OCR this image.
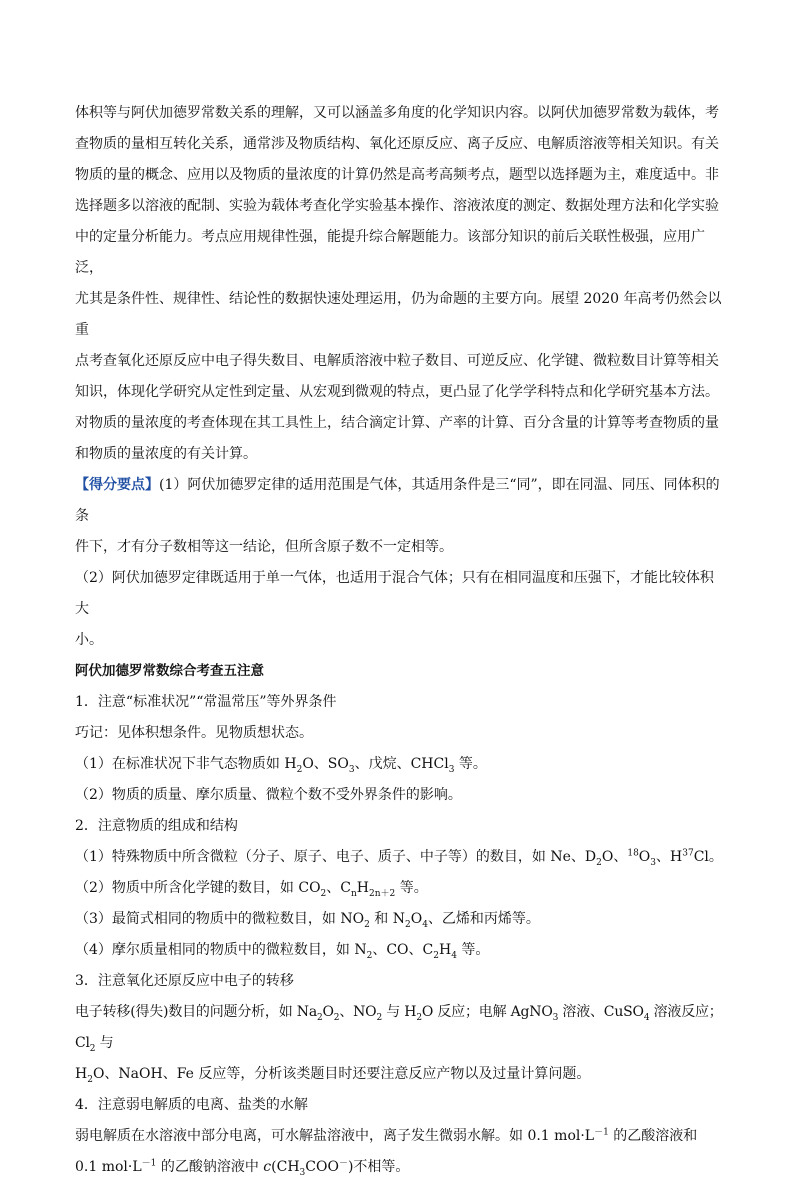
体积等与阿伏加德罗常数关系的理解，又可以涵盖多角度的化学知识内容。以阿伏加德罗常数为载体，考

查物质的量相互转化关系，通常涉及物质结构、氧化还原反应、离子反应、电解质溶液等相关知识。有关

物质的量的概念、应用以及物质的量浓度的计算仍然是高考高频考点，题型以选择题为主，难度适中。非

选择题多以溶液的配制、实验为载体考查化学实验基本操作、溶液浓度的测定、数据处理方法和化学实验

中的定量分析能力。考点应用规律性强，能提升综合解题能力。该部分知识的前后关联性极强，应用广泛，

尤其是条件性、规律性、结论性的数据快速处理运用，仍为命题的主要方向。展望 2020 年高考仍然会以重

点考查氧化还原反应中电子得失数目、电解质溶液中粒子数目、可逆反应、化学键、微粒数目计算等相关

知识，体现化学研究从定性到定量、从宏观到微观的特点，更凸显了化学学科特点和化学研究基本方法。

对物质的量浓度的考查体现在其工具性上，结合滴定计算、产率的计算、百分含量的计算等考查物质的量

和物质的量浓度的有关计算。

【得分要点】(1）阿伏加德罗定律的适用范围是气体，其适用条件是三“同”，即在同温、同压、同体积的条

件下，才有分子数相等这一结论，但所含原子数不一定相等。

（2）阿伏加德罗定律既适用于单一气体，也适用于混合气体；只有在相同温度和压强下，才能比较体积大

小。

阿伏加德罗常数综合考查五注意

1．注意“标准状况”“常温常压”等外界条件

巧记：见体积想条件。见物质想状态。

（1）在标准状况下非气态物质如 $H_2O$、$SO_3$、戊烷、CHCl$_3$ 等。

（2）物质的质量、摩尔质量、微粒个数不受外界条件的影响。

2．注意物质的组成和结构

（1）特殊物质中所含微粒（分子、原子、电子、质子、中子等）的数目，如 Ne、$D_2O$、$^{18}O_3$、$H^{37}Cl$。

（2）物质中所含化学键的数目，如 $CO_2$、$C_nH_{2n+2}$ 等。

（3）最简式相同的物质中的微粒数目，如 $NO_2$ 和 $N_2O_4$、乙烯和丙烯等。

（4）摩尔质量相同的物质中的微粒数目，如 $N_2$、CO、$C_2H_4$ 等。

3．注意氧化还原反应中电子的转移

电子转移(得失)数目的问题分析，如 $Na_2O_2$、$NO_2$ 与 $H_2O$ 反应；电解 AgNO$_3$ 溶液、CuSO$_4$ 溶液反应；$Cl_2$ 与

$H_2O$、NaOH、Fe 反应等，分析该类题目时还要注意反应产物以及过量计算问题。

4．注意弱电解质的电离、盐类的水解

弱电解质在水溶液中部分电离，可水解盐溶液中，离子发生微弱水解。如 0.1 $mol\cdot L^{-1}$ 的乙酸溶液和

0.1 $mol\cdot L^{-1}$ 的乙酸钠溶液中 $c(CH_3COO^-)$不相等。
